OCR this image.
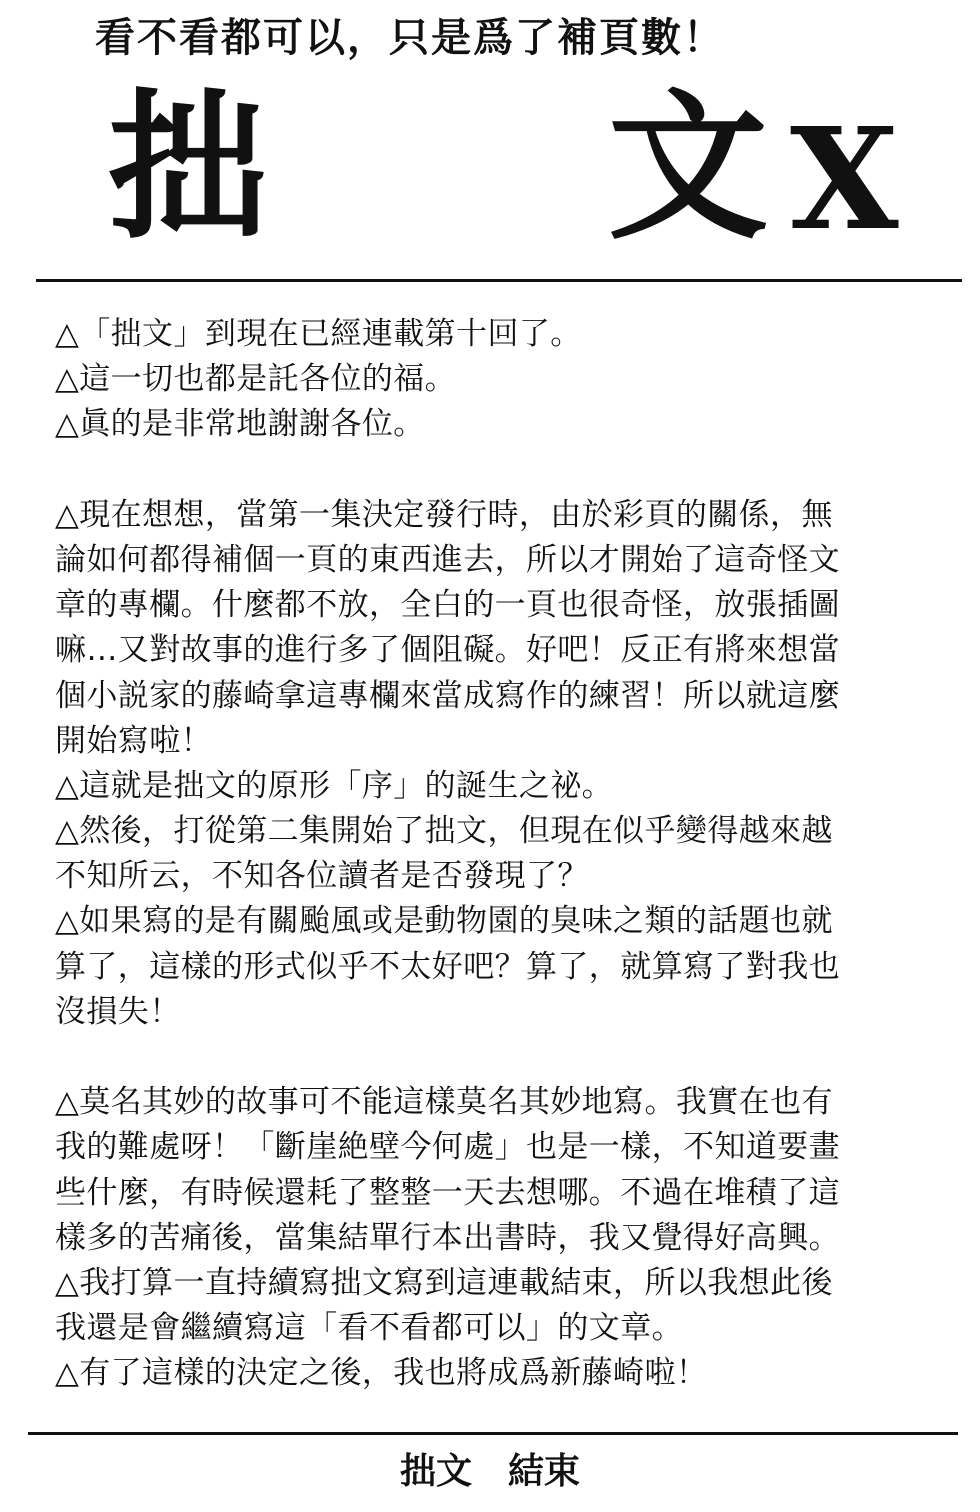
看不看都可以，只是爲了補頁數！
拙 文 X
△「拙文」到現在已經連載第十回了。
△這一切也都是託各位的福。
△眞的是非常地謝謝各位。
△現在想想，當第一集決定發行時，由於彩頁的關係，無
論如何都得補個一頁的東西進去，所以才開始了這奇怪文
章的專欄。什麼都不放，全白的一頁也很奇怪，放張插圖
嘛…又對故事的進行多了個阻礙。好吧！反正有將來想當
個小説家的藤崎拿這專欄來當成寫作的練習！所以就這麼
開始寫啦！
△這就是拙文的原形「序」的誕生之祕。
△然後，打從第二集開始了拙文，但現在似乎變得越來越
不知所云，不知各位讀者是否發現了？
△如果寫的是有關颱風或是動物園的臭味之類的話題也就
算了，這樣的形式似乎不太好吧？算了，就算寫了對我也
沒損失！
△莫名其妙的故事可不能這樣莫名其妙地寫。我實在也有
我的難處呀！「斷崖絶壁今何處」也是一樣，不知道要畫
些什麼，有時候還耗了整整一天去想哪。不過在堆積了這
樣多的苦痛後，當集結單行本出書時，我又覺得好高興。
△我打算一直持續寫拙文寫到這連載結束，所以我想此後
我還是會繼續寫這「看不看都可以」的文章。
△有了這樣的決定之後，我也將成爲新藤崎啦！
拙文　結束
